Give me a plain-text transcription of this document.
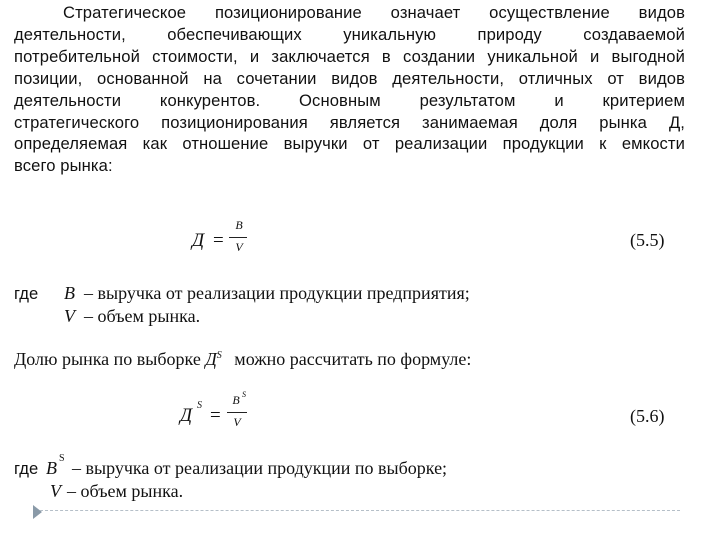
Стратегическое позиционирование означает осуществление видов
деятельности, обеспечивающих уникальную природу создаваемой
потребительной стоимости, и заключается в создании уникальной и выгодной
позиции, основанной на сочетании видов деятельности, отличных от видов
деятельности конкурентов. Основным результатом и критерием
стратегического позиционирования является занимаемая доля рынка Д,
определяемая как отношение выручки от реализации продукции к емкости
всего рынка:
Д =
В
V	(5.5)
где В – выручка от реализации продукции предприятия;
V – объем рынка.
Долю рынка по выборке $Д^S$ можно рассчитать по формуле:
Д S =
В S
V	(5.6)
где В S – выручка от реализации продукции по выборке;
V – объем рынка.
